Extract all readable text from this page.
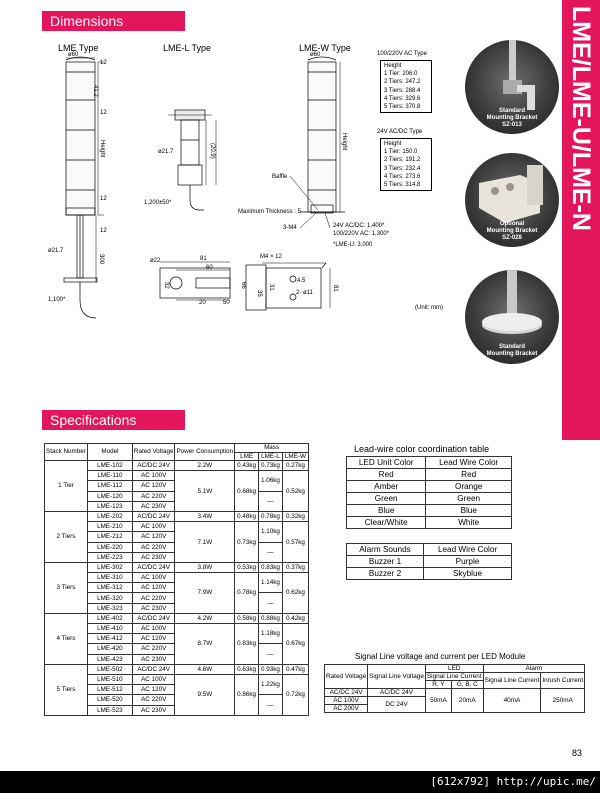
LME/LME-U/LME-N
Dimensions
LME Type	LME-L Type	LME-W Type
ø60	ø60
12
41.2
12
Height	Height
12
ø21.7
12
300
1,100*
ø21.7	(20.9)
1,200±50*
Baffle
Maximum Thickness : 5
3-M4	24V AC/DC: 1,400*
100/220V AC: 1,300*
*LME-U: 3,000
ø22	81
60
32
20	50
M4 × 12
66
35
31
4.5
2- ø11
81
(Unit: mm)
100/220V AC Type
Height
1 Tier: 206.0
2 Tiers: 247.2
3 Tiers: 288.4
4 Tiers: 329.6
5 Tiers: 370.8
24V AC/DC Type
Height
1 Tier: 150.0
2 Tiers: 191.2
3 Tiers: 232.4
4 Tiers: 273.6
5 Tiers: 314.8
Standard
Mounting Bracket
SZ-013
Optional
Mounting Bracket
SZ-028
Standard
Mounting Bracket
Specifications
Stack Number	Model	Rated Voltage	Power Consumption	Mass		
				LME	LME-L	LME-W
1 Tier	LME-102	AC/DC 24V	2.2W	0.43kg	0.73kg	0.27kg
	LME-110	AC 100V	5.1W	0.68kg	1.06kg	0.52kg
	LME-112	AC 120V				
	LME-120	AC 220V			—	
	LME-123	AC 230V				
2 Tiers	LME-202	AC/DC 24V	3.4W	0.48kg	0.78kg	0.32kg
	LME-210	AC 100V	7.1W	0.73kg	1.10kg	0.57kg
	LME-212	AC 120V				
	LME-220	AC 220V			—	
	LME-223	AC 230V				
3 Tiers	LME-302	AC/DC 24V	3.8W	0.53kg	0.83kg	0.37kg
	LME-310	AC 100V	7.9W	0.78kg	1.14kg	0.62kg
	LME-312	AC 120V				
	LME-320	AC 220V			—	
	LME-323	AC 230V				
4 Tiers	LME-402	AC/DC 24V	4.2W	0.58kg	0.88kg	0.42kg
	LME-410	AC 100V	8.7W	0.83kg	1.18kg	0.67kg
	LME-412	AC 120V				
	LME-420	AC 220V			—	
	LME-423	AC 230V				
5 Tiers	LME-502	AC/DC 24V	4.6W	0.63kg	0.93kg	0.47kg
	LME-510	AC 100V	9.5W	0.86kg	1.22kg	0.72kg
	LME-512	AC 120V				
	LME-520	AC 220V			—	
	LME-523	AC 230V				
Lead-wire color coordination table
LED Unit Color	Lead Wire Color
Red	Red
Amber	Orange
Green	Green
Blue	Blue
Clear/White	White
Alarm Sounds	Lead Wire Color
Buzzer 1	Purple
Buzzer 2	Skyblue
Signal Line voltage and current per LED Module
Rated Voltage	Signal Line Voltage	LED		Alarm	
		Signal Line Current		Signal Line Current	Inrush Current
		R, Y	G, B, C		
AC/DC 24V	AC/DC 24V	50mA	20mA	40mA	250mA
AC 100V	DC 24V				
AC 200V					
83
[612x792] http://upic.me/
